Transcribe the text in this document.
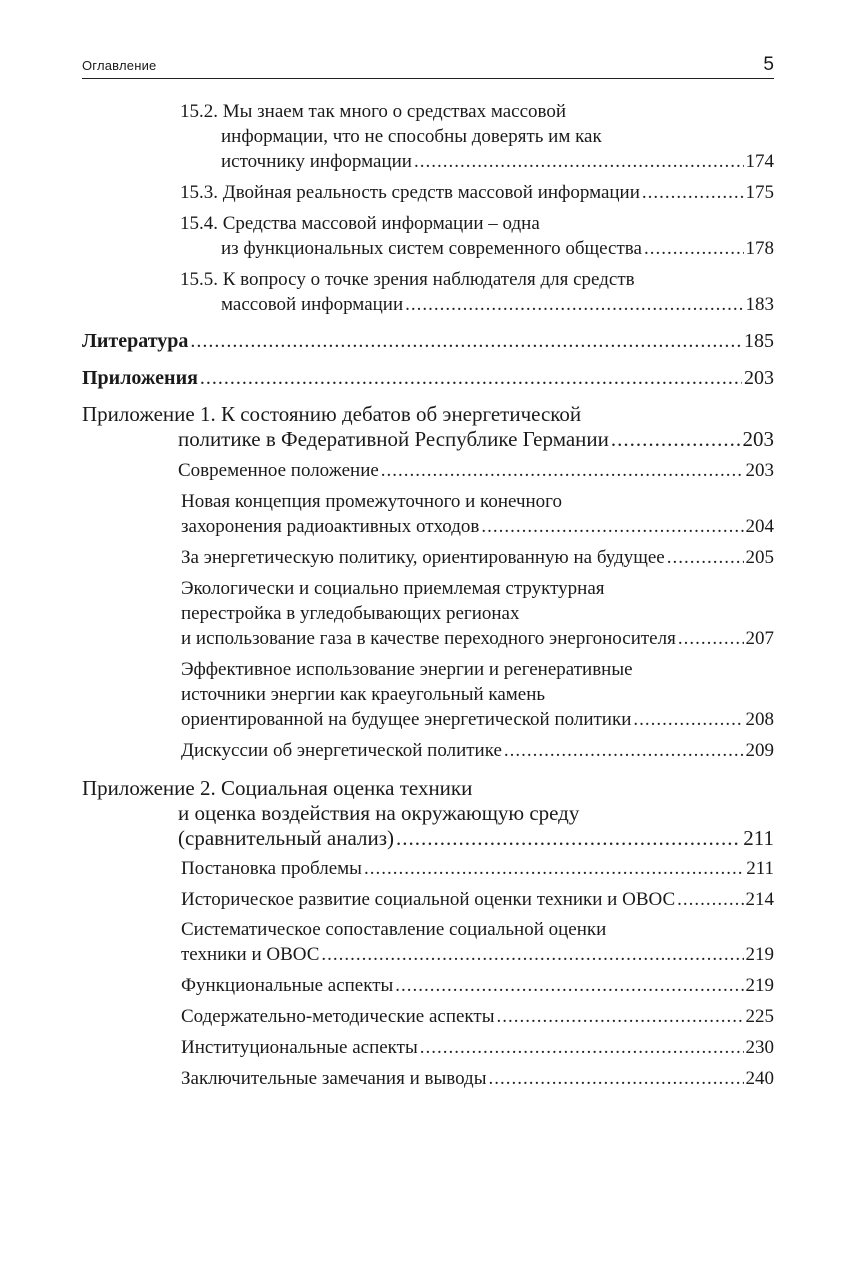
Оглавление	5
15.2. Мы знаем так много о средствах массовой
информации, что не способны доверять им как
источнику информации .....	174
15.3. Двойная реальность средств массовой информации .....	175
15.4. Средства массовой информации – одна
из функциональных систем современного общества .....	178
15.5. К вопросу о точке зрения наблюдателя для средств
массовой информации .....	183
Литература .....	185
Приложения .....	203
Приложение 1. К состоянию дебатов об энергетической
политике в Федеративной Республике Германии .....	203
Современное положение .....	203
Новая концепция промежуточного и конечного
захоронения радиоактивных отходов .....	204
За энергетическую политику, ориентированную на будущее .....	205
Экологически и социально приемлемая структурная
перестройка в угледобывающих регионах
и использование газа в качестве переходного энергоносителя .....	207
Эффективное использование энергии и регенеративные
источники энергии как краеугольный камень
ориентированной на будущее энергетической политики .....	208
Дискуссии об энергетической политике .....	209
Приложение 2. Социальная оценка техники
и оценка воздействия на окружающую среду
(сравнительный анализ) .....	211
Постановка проблемы .....	211
Историческое развитие социальной оценки техники и ОВОС .....	214
Систематическое сопоставление социальной оценки
техники и ОВОС .....	219
Функциональные аспекты .....	219
Содержательно-методические аспекты .....	225
Институциональные аспекты .....	230
Заключительные замечания и выводы .....	240
